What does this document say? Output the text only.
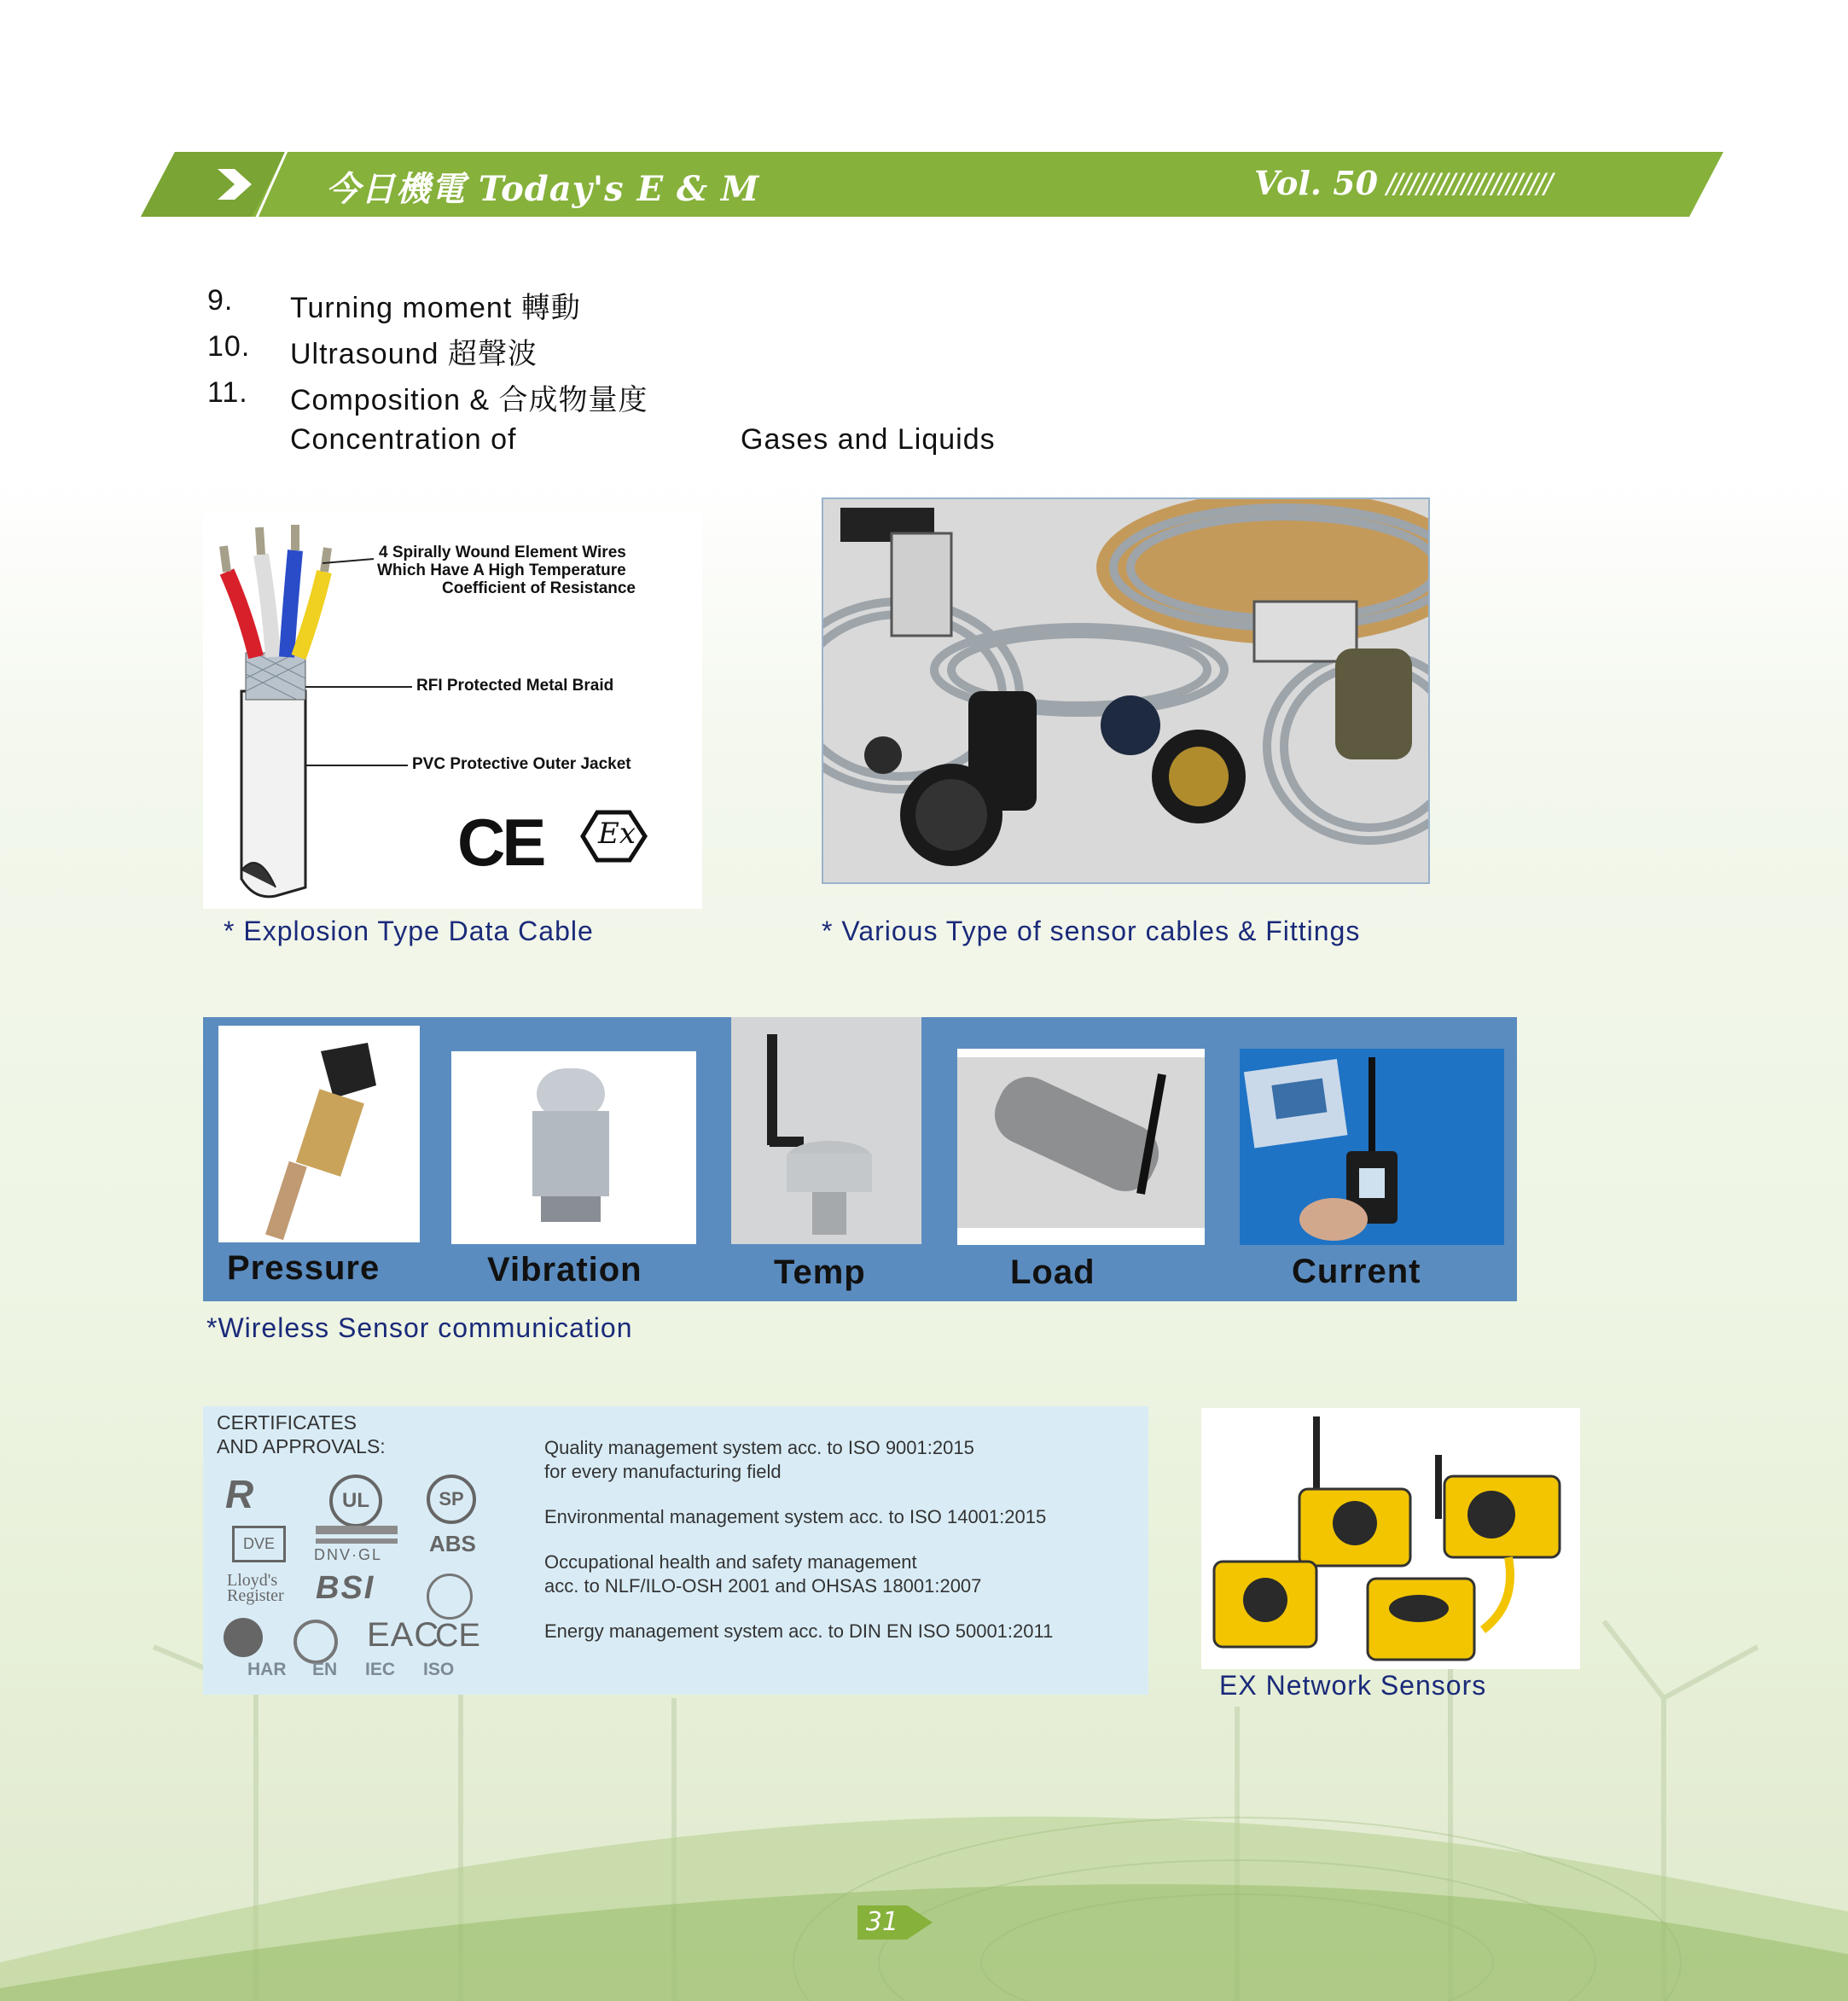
今日機電 Today's E & M	Vol. 50 //////////////////////
9. Turning moment 轉動
10. Ultrasound 超聲波
11. Composition & 合成物量度
Concentration of	Gases and Liquids
4 Spirally Wound Element Wires
Which Have A High Temperature
Coefficient of Resistance
RFI Protected Metal Braid
PVC Protective Outer Jacket
CE Ex
* Explosion Type Data Cable	* Various Type of sensor cables & Fittings
Pressure	Vibration	Temp	Load	Current
*Wireless Sensor communication
CERTIFICATES
AND APPROVALS:	Quality management system acc. to ISO 9001:2015
for every manufacturing field
Environmental management system acc. to ISO 14001:2015
Occupational health and safety management
acc. to NLF/ILO-OSH 2001 and OHSAS 18001:2007
Energy management system acc. to DIN EN ISO 50001:2011
R	UL	SP
DVE
DNV·GL ABS
Lloyd's
Register BSI
EAC
CE
HAR EN IEC ISO
EX Network Sensors
31
